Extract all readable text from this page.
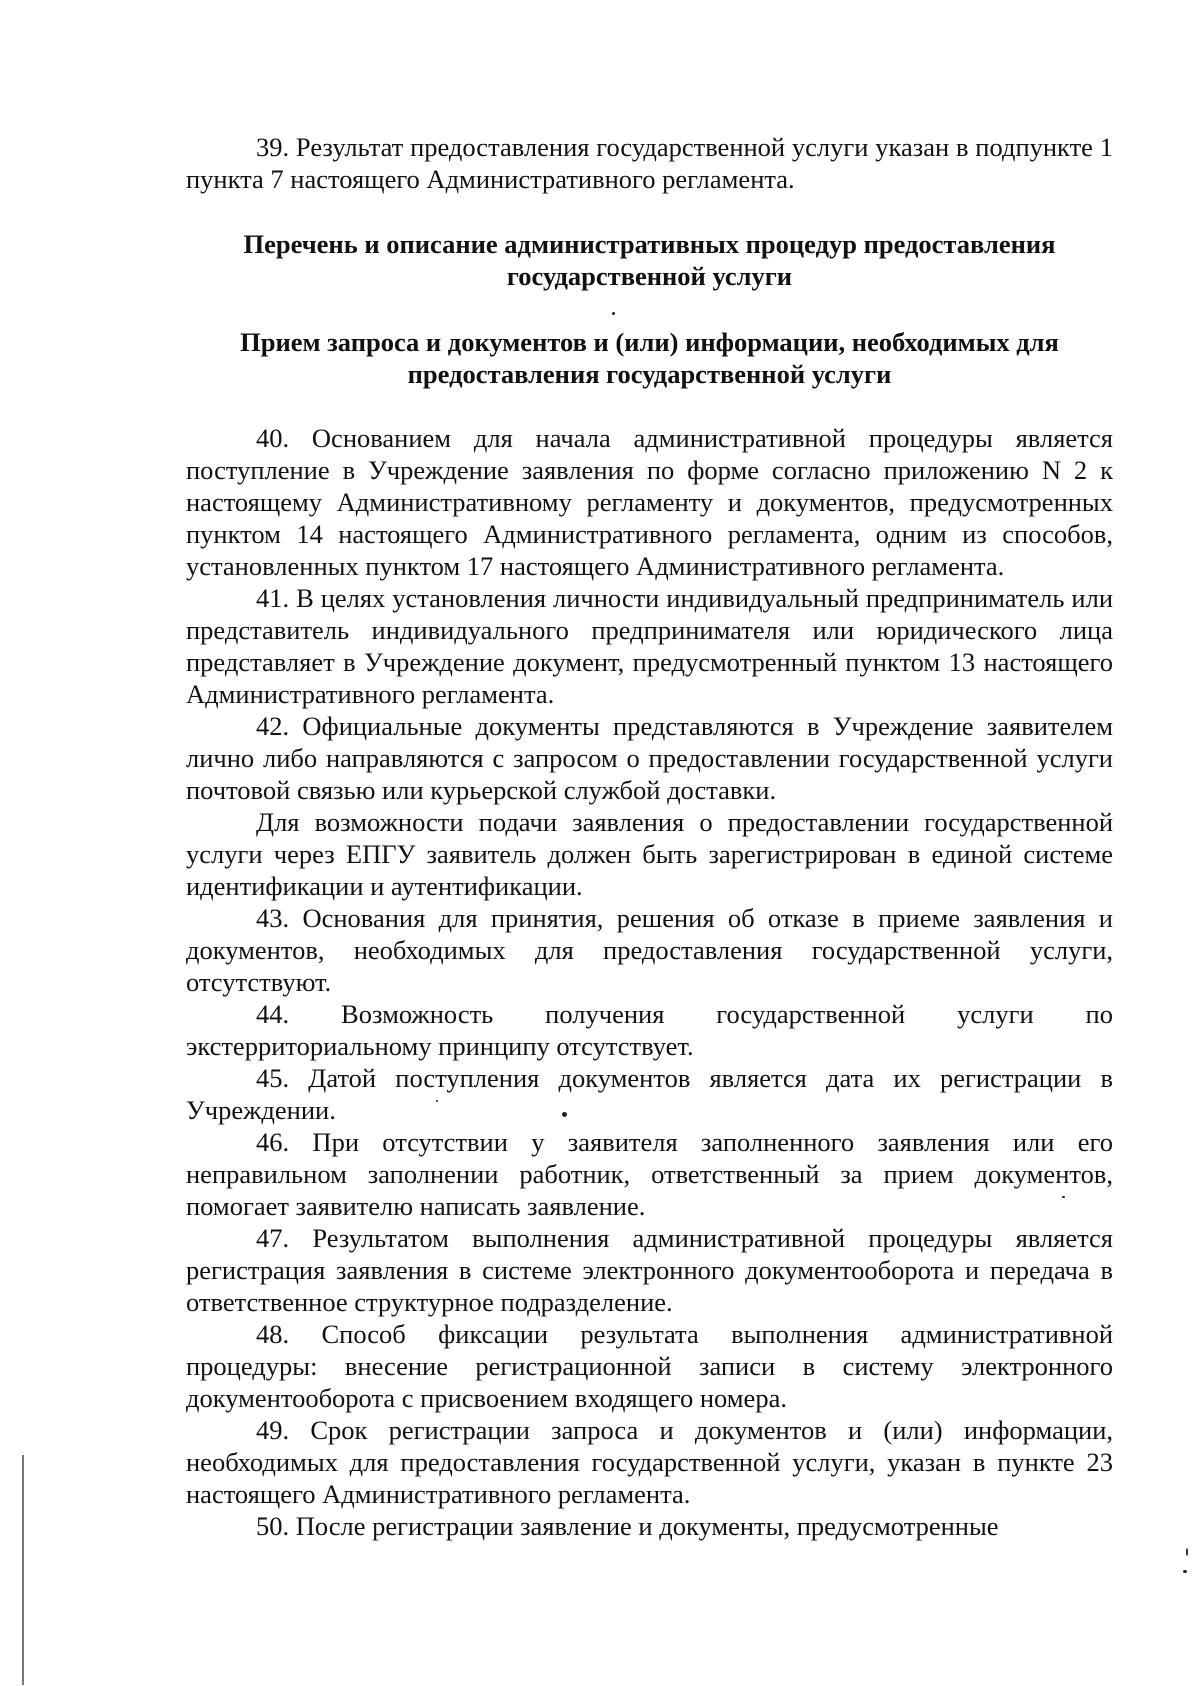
39. Результат предоставления государственной услуги указан в подпункте 1 пункта 7 настоящего Административного регламента.

Перечень и описание административных процедур предоставления государственной услуги
Прием запроса и документов и (или) информации, необходимых для предоставления государственной услуги

40. Основанием для начала административной процедуры является поступление в Учреждение заявления по форме согласно приложению N 2 к настоящему Административному регламенту и документов, предусмотренных пунктом 14 настоящего Административного регламента, одним из способов, установленных пунктом 17 настоящего Административного регламента.

41. В целях установления личности индивидуальный предприниматель или представитель индивидуального предпринимателя или юридического лица представляет в Учреждение документ, предусмотренный пунктом 13 настоящего Административного регламента.

42. Официальные документы представляются в Учреждение заявителем лично либо направляются с запросом о предоставлении государственной услуги почтовой связью или курьерской службой доставки.

Для возможности подачи заявления о предоставлении государственной услуги через ЕПГУ заявитель должен быть зарегистрирован в единой системе идентификации и аутентификации.

43. Основания для принятия, решения об отказе в приеме заявления и документов, необходимых для предоставления государственной услуги, отсутствуют.

44. Возможность получения государственной услуги по экстерриториальному принципу отсутствует.

45. Датой поступления документов является дата их регистрации в Учреждении.

46. При отсутствии у заявителя заполненного заявления или его неправильном заполнении работник, ответственный за прием документов, помогает заявителю написать заявление.

47. Результатом выполнения административной процедуры является регистрация заявления в системе электронного документооборота и передача в ответственное структурное подразделение.

48. Способ фиксации результата выполнения административной процедуры: внесение регистрационной записи в систему электронного документооборота с присвоением входящего номера.

49. Срок регистрации запроса и документов и (или) информации, необходимых для предоставления государственной услуги, указан в пункте 23 настоящего Административного регламента.

50. После регистрации заявление и документы, предусмотренные
